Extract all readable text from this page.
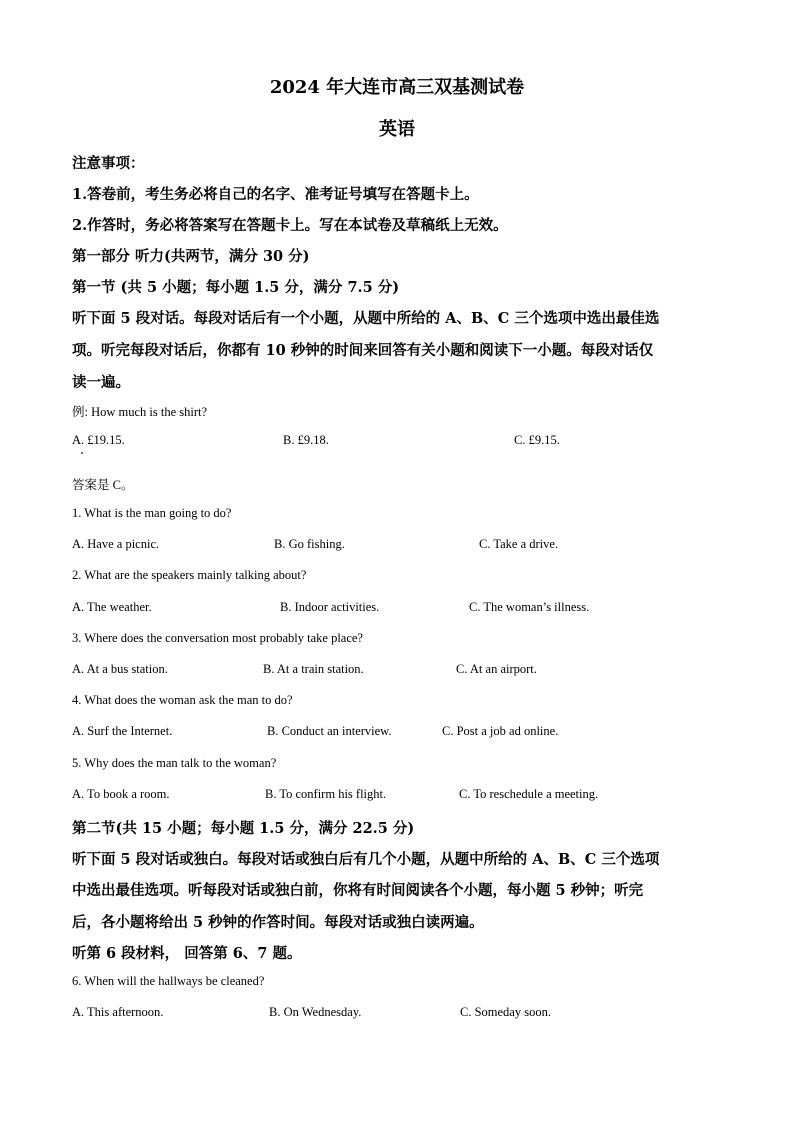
2024 年大连市高三双基测试卷
英语
注意事项：
1.答卷前，考生务必将自己的名字、准考证号填写在答题卡上。
2.作答时，务必将答案写在答题卡上。写在本试卷及草稿纸上无效。
第一部分 听力(共两节，满分 30 分)
第一节 (共 5 小题；每小题 1.5 分，满分 7.5 分)
听下面 5 段对话。每段对话后有一个小题，从题中所给的 A、B、C 三个选项中选出最佳选
项。听完每段对话后，你都有 10 秒钟的时间来回答有关小题和阅读下一小题。每段对话仅
读一遍。
例: How much is the shirt?
A. £19.15.	B. £9.18.	C. £9.15.
答案是 C。
1. What is the man going to do?
A. Have a picnic.	B. Go fishing.	C. Take a drive.
2. What are the speakers mainly talking about?
A. The weather.	B. Indoor activities.	C. The woman’s illness.
3. Where does the conversation most probably take place?
A. At a bus station.	B. At a train station.	C. At an airport.
4. What does the woman ask the man to do?
A. Surf the Internet.	B. Conduct an interview.	C. Post a job ad online.
5. Why does the man talk to the woman?
A. To book a room.	B. To confirm his flight.	C. To reschedule a meeting.
第二节(共 15 小题；每小题 1.5 分，满分 22.5 分)
听下面 5 段对话或独白。每段对话或独白后有几个小题，从题中所给的 A、B、C 三个选项
中选出最佳选项。听每段对话或独白前，你将有时间阅读各个小题，每小题 5 秒钟；听完
后，各小题将给出 5 秒钟的作答时间。每段对话或独白读两遍。
听第 6 段材料， 回答第 6、7 题。
6. When will the hallways be cleaned?
A. This afternoon.	B. On Wednesday.	C. Someday soon.
